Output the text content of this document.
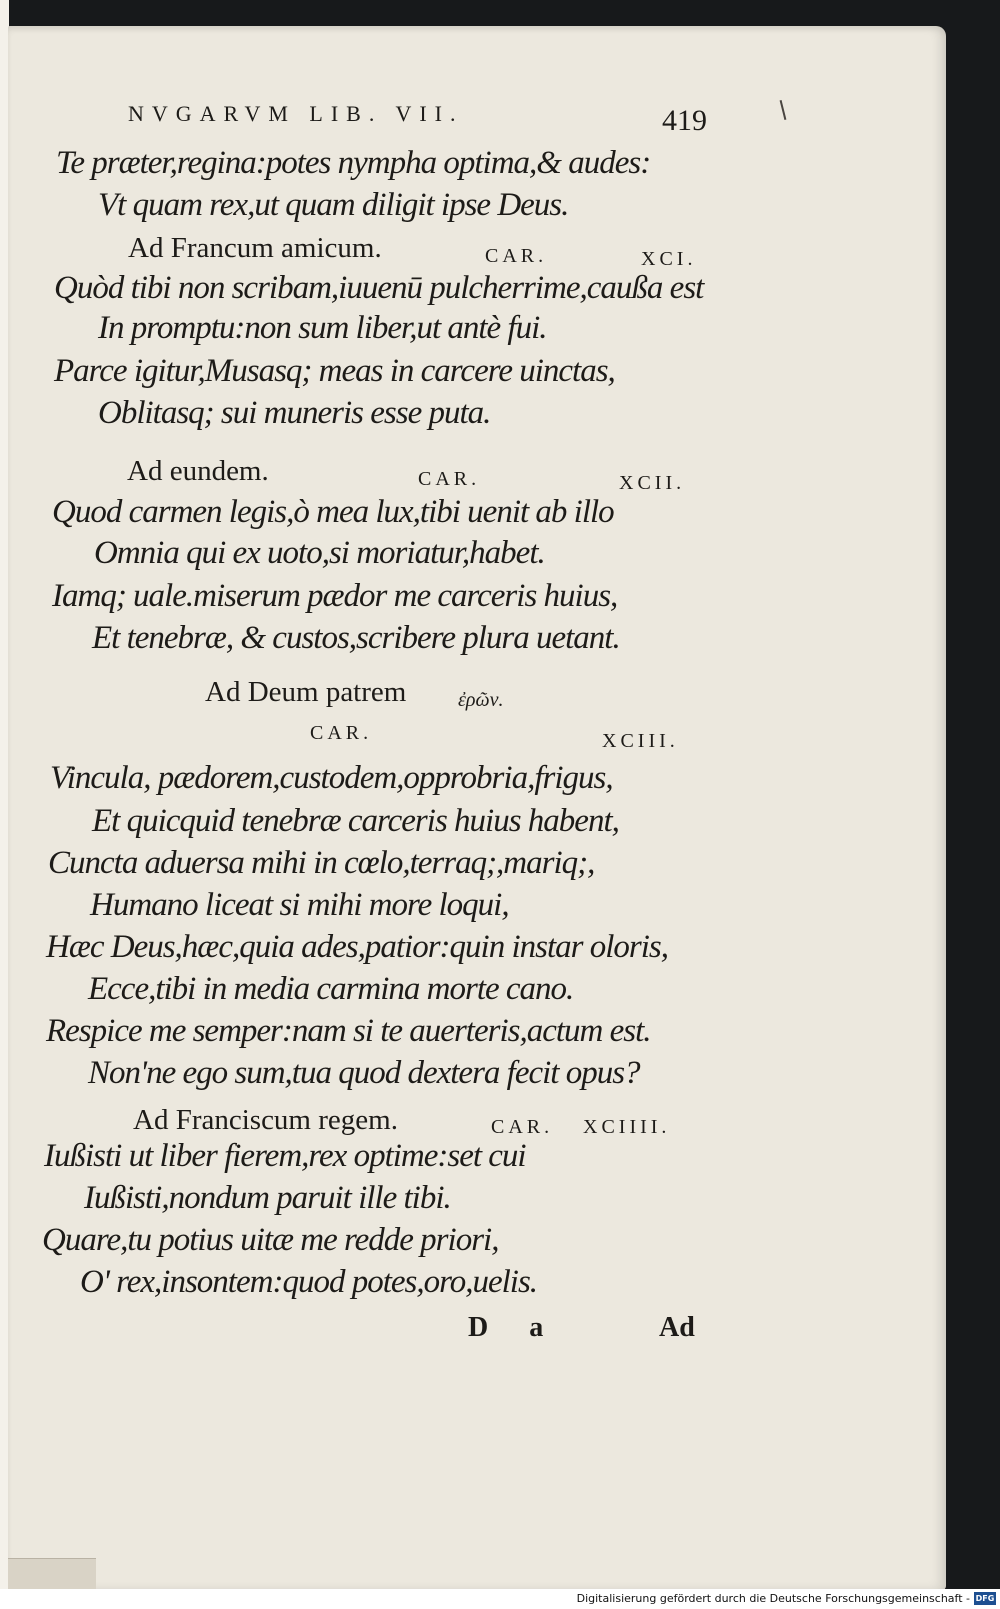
NVGARVM LIB. VII.	419
Te præter,regina:potes nympha optima,& audes:
Vt quam rex,ut quam diligit ipse Deus.
Ad Francum amicum.	CAR.	XCI.
Quòd tibi non scribam,iuuenū pulcherrime,caußa est
In promptu:non sum liber,ut antè fui.
Parce igitur,Musasq; meas in carcere uinctas,
Oblitasq; sui muneris esse puta.
Ad eundem.	CAR.	XCII.
Quod carmen legis,ò mea lux,tibi uenit ab illo
Omnia qui ex uoto,si moriatur,habet.
Iamq; uale.miserum pædor me carceris huius,
Et tenebræ, & custos,scribere plura uetant.
Ad Deum patrem	ἐρῶν.
CAR.	XCIII.
Vincula, pædorem,custodem,opprobria,frigus,
Et quicquid tenebræ carceris huius habent,
Cuncta aduersa mihi in cœlo,terraq;,mariq;,
Humano liceat si mihi more loqui,
Hæc Deus,hæc,quia ades,patior:quin instar oloris,
Ecce,tibi in media carmina morte cano.
Respice me semper:nam si te auerteris,actum est.
Non'ne ego sum,tua quod dextera fecit opus?
Ad Franciscum regem.	CAR. XCIIII.
Iußisti ut liber fierem,rex optime:set cui
Iußisti,nondum paruit ille tibi.
Quare,tu potius uitæ me redde priori,
O' rex,insontem:quod potes,oro,uelis.
D a	Ad
Digitalisierung gefördert durch die Deutsche Forschungsgemeinschaft - DFG
